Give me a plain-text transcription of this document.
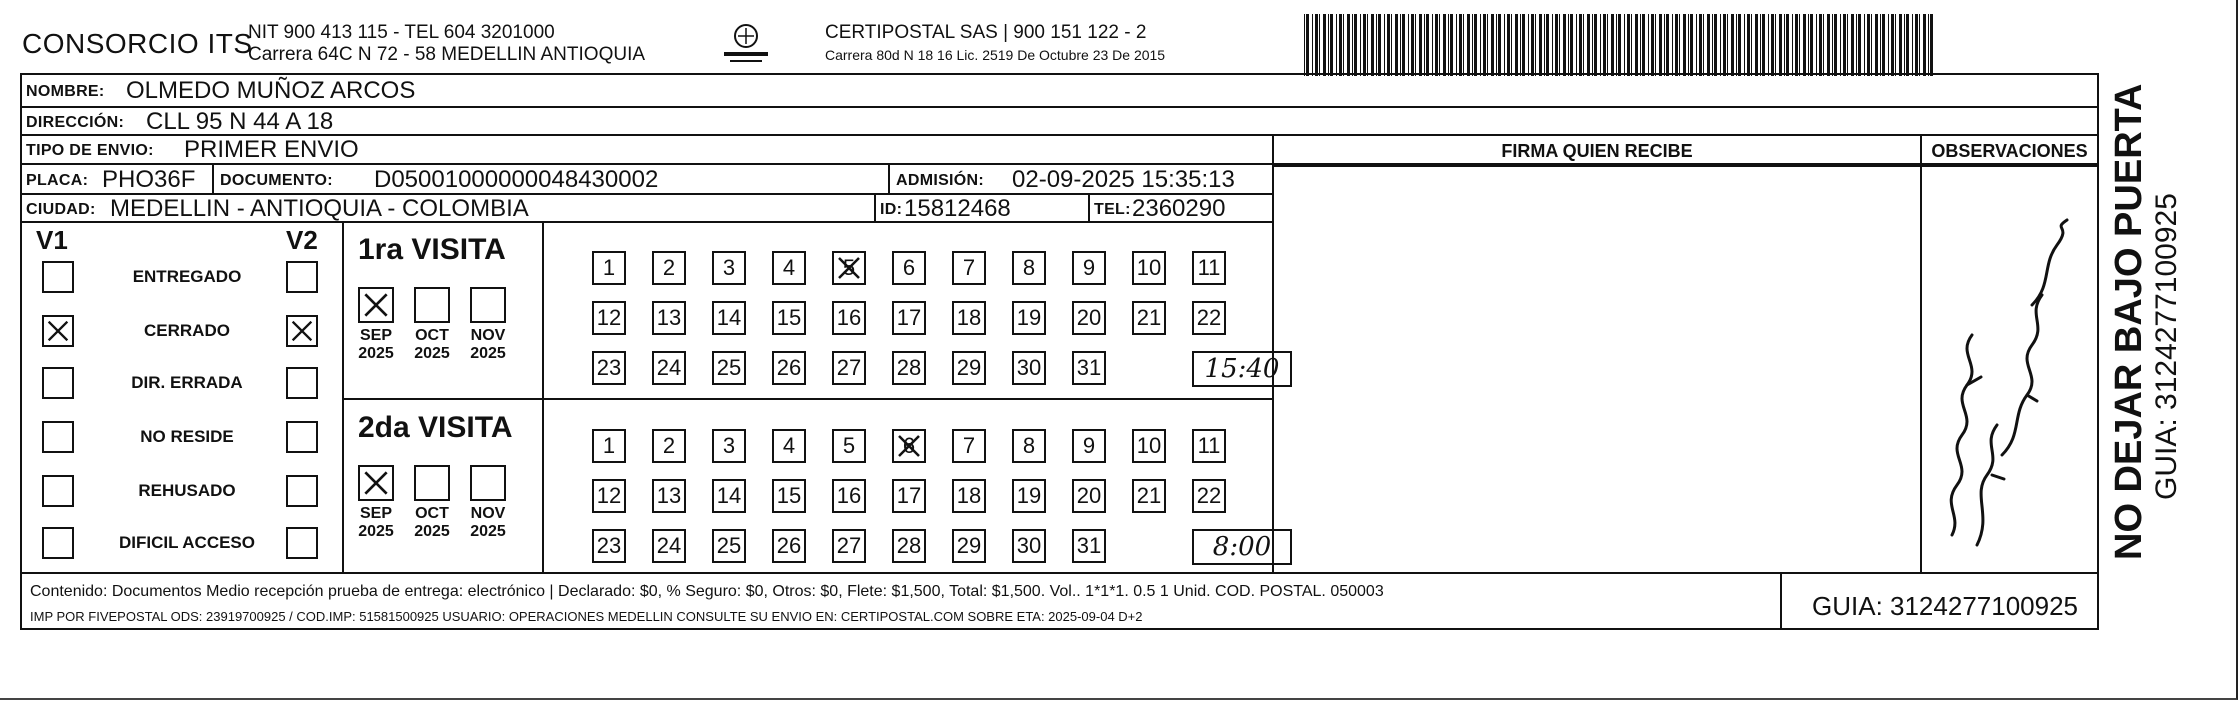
CONSORCIO ITS
NIT 900 413 115 - TEL 604 3201000
Carrera 64C N 72 - 58 MEDELLIN ANTIOQUIA
CERTIPOSTAL SAS | 900 151 122 - 2
Carrera 80d N 18 16 Lic. 2519 De Octubre 23 De 2015
NOMBRE: OLMEDO MUÑOZ ARCOS
DIRECCIÓN: CLL 95 N 44 A 18
TIPO DE ENVIO: PRIMER ENVIO
PLACA: PHO36F DOCUMENTO: D05001000000048430002	ADMISIÓN: 02-09-2025 15:35:13
CIUDAD: MEDELLIN - ANTIOQUIA - COLOMBIA	ID: 15812468	TEL: 2360290
FIRMA QUIEN RECIBE	OBSERVACIONES
V1	V2
ENTREGADO
CERRADO
DIR. ERRADA
NO RESIDE
REHUSADO
DIFICIL ACCESO
1ra VISITA
2da VISITA
SEP
2025
OCT
2025
NOV
2025
1	2	3	4	5	6	7	8	9	10 11
12 13 14 15 16 17 18 19 20 21 22
23 24 25 26 27 28 29 30 31	15:40
SEP
2025
OCT
2025
NOV
2025
1	2	3	4	5	6	7	8	9	10 11
12 13 14 15 16 17 18 19 20 21 22
23 24 25 26 27 28 29 30 31	8:00
Contenido: Documentos Medio recepción prueba de entrega: electrónico | Declarado: $0, % Seguro: $0, Otros: $0, Flete: $1,500, Total: $1,500. Vol.. 1*1*1. 0.5 1 Unid. COD. POSTAL. 050003
IMP POR FIVEPOSTAL ODS: 23919700925 / COD.IMP: 51581500925 USUARIO: OPERACIONES MEDELLIN CONSULTE SU ENVIO EN: CERTIPOSTAL.COM SOBRE ETA: 2025-09-04 D+2	GUIA: 3124277100925
NO DEJAR BAJO PUERTA GUIA: 3124277100925
